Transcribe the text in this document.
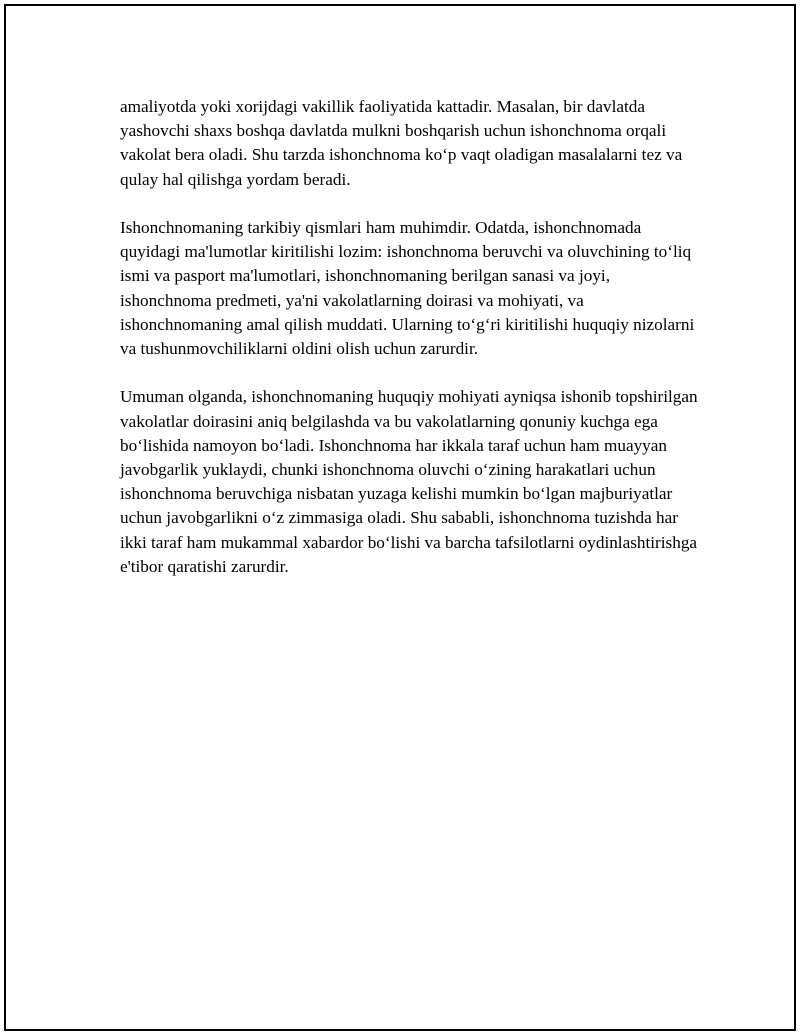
amaliyotda yoki xorijdagi vakillik faoliyatida kattadir. Masalan, bir davlatda yashovchi shaxs boshqa davlatda mulkni boshqarish uchun ishonchnoma orqali vakolat bera oladi. Shu tarzda ishonchnoma koʻp vaqt oladigan masalalarni tez va qulay hal qilishga yordam beradi.

Ishonchnomaning tarkibiy qismlari ham muhimdir. Odatda, ishonchnomada quyidagi ma'lumotlar kiritilishi lozim: ishonchnoma beruvchi va oluvchining toʻliq ismi va pasport ma'lumotlari, ishonchnomaning berilgan sanasi va joyi, ishonchnoma predmeti, ya'ni vakolatlarning doirasi va mohiyati, va ishonchnomaning amal qilish muddati. Ularning toʻgʻri kiritilishi huquqiy nizolarni va tushunmovchiliklarni oldini olish uchun zarurdir.

Umuman olganda, ishonchnomaning huquqiy mohiyati ayniqsa ishonib topshirilgan vakolatlar doirasini aniq belgilashda va bu vakolatlarning qonuniy kuchga ega boʻlishida namoyon boʻladi. Ishonchnoma har ikkala taraf uchun ham muayyan javobgarlik yuklaydi, chunki ishonchnoma oluvchi oʻzining harakatlari uchun ishonchnoma beruvchiga nisbatan yuzaga kelishi mumkin boʻlgan majburiyatlar uchun javobgarlikni oʻz zimmasiga oladi. Shu sababli, ishonchnoma tuzishda har ikki taraf ham mukammal xabardor boʻlishi va barcha tafsilotlarni oydinlashtirishga e'tibor qaratishi zarurdir.
